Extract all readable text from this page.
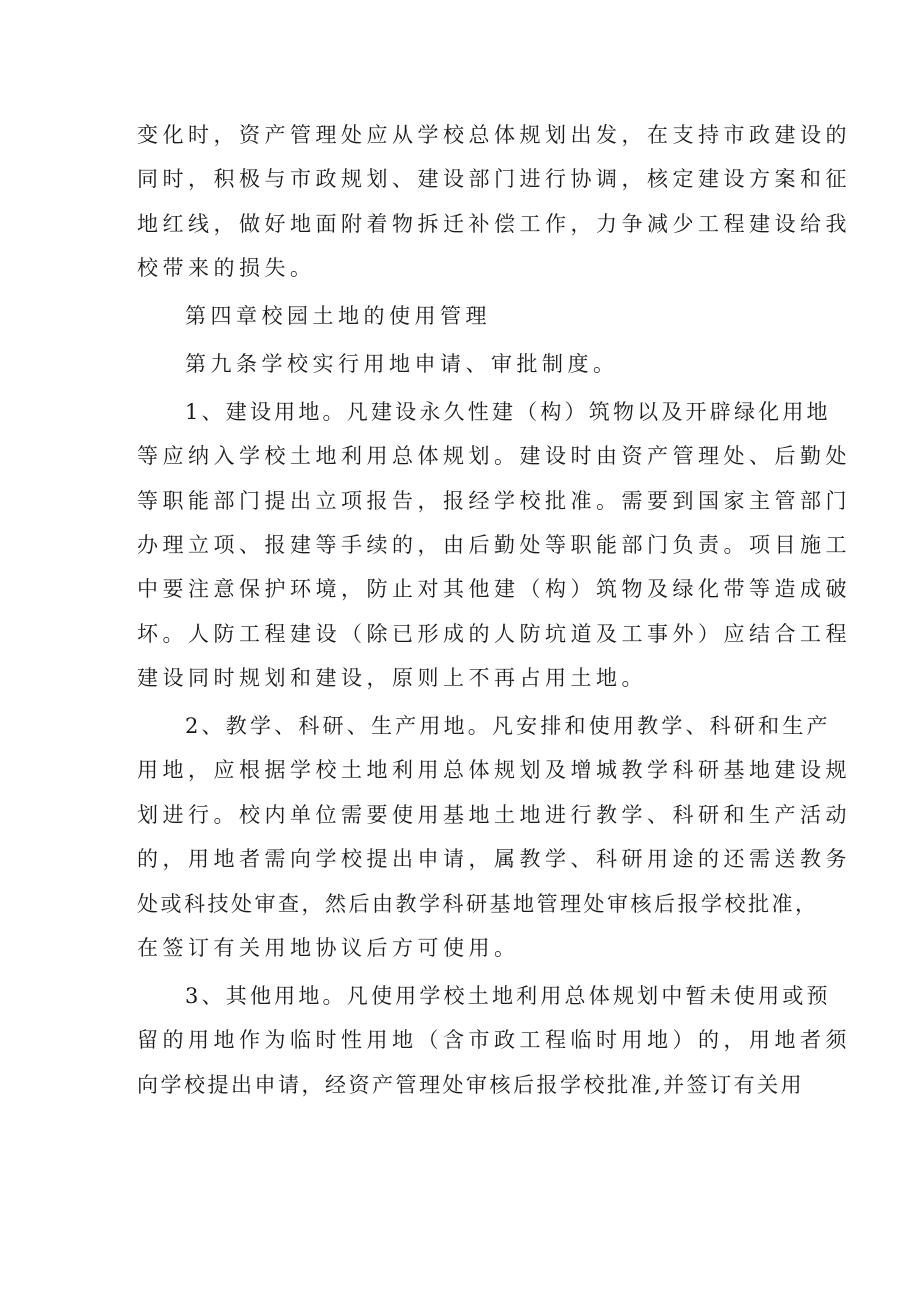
变化时，资产管理处应从学校总体规划出发，在支持市政建设的
同时，积极与市政规划、建设部门进行协调，核定建设方案和征
地红线，做好地面附着物拆迁补偿工作，力争减少工程建设给我
校带来的损失。
第四章校园土地的使用管理
第九条学校实行用地申请、审批制度。
1、建设用地。凡建设永久性建（构）筑物以及开辟绿化用地
等应纳入学校土地利用总体规划。建设时由资产管理处、后勤处
等职能部门提出立项报告，报经学校批准。需要到国家主管部门
办理立项、报建等手续的，由后勤处等职能部门负责。项目施工
中要注意保护环境，防止对其他建（构）筑物及绿化带等造成破
坏。人防工程建设（除已形成的人防坑道及工事外）应结合工程
建设同时规划和建设，原则上不再占用土地。
2、教学、科研、生产用地。凡安排和使用教学、科研和生产
用地，应根据学校土地利用总体规划及增城教学科研基地建设规
划进行。校内单位需要使用基地土地进行教学、科研和生产活动
的，用地者需向学校提出申请，属教学、科研用途的还需送教务
处或科技处审查，然后由教学科研基地管理处审核后报学校批准，
在签订有关用地协议后方可使用。
3、其他用地。凡使用学校土地利用总体规划中暂未使用或预
留的用地作为临时性用地（含市政工程临时用地）的，用地者须
向学校提出申请，经资产管理处审核后报学校批准,并签订有关用
